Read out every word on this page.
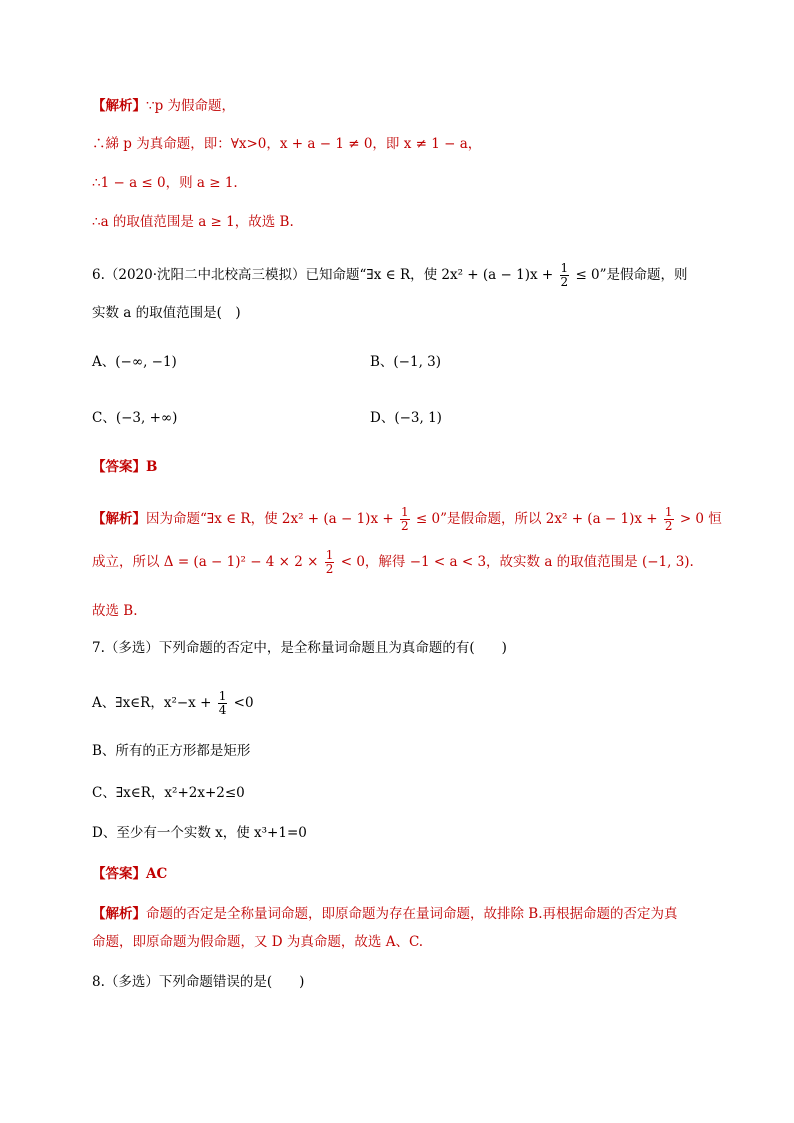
【解析】∵p 为假命题，
∴綈 p 为真命题，即：∀x>0，x + a − 1 ≠ 0，即 x ≠ 1 − a，
∴1 − a ≤ 0，则 a ≥ 1.
∴a 的取值范围是 a ≥ 1，故选 B.
6.（2020·沈阳二中北校高三模拟）已知命题“∃x ∈ R，使 $2x^2 + (a - 1)x + \frac{1}{2} \le 0$”是假命题，则
实数 a 的取值范围是(　)
A、(−∞, −1)	B、(−1, 3)
C、(−3, +∞)	D、(−3, 1)
【答案】B
【解析】因为命题“∃x ∈ R，使 $2x^2 + (a - 1)x + \frac{1}{2} \le 0$”是假命题，所以 $2x^2 + (a - 1)x + \frac{1}{2} > 0$ 恒
成立，所以 $\Delta = (a - 1)^2 - 4 \times 2 \times \frac{1}{2} < 0$，解得 −1 < a < 3，故实数 a 的取值范围是 (−1, 3).
故选 B.
7.（多选）下列命题的否定中，是全称量词命题且为真命题的有(　　)
A、∃x∈R，$x^2-x + \frac{1}{4} <0$
B、所有的正方形都是矩形
C、∃x∈R，x²+2x+2≤0
D、至少有一个实数 x，使 x³+1=0
【答案】AC
【解析】命题的否定是全称量词命题，即原命题为存在量词命题，故排除 B.再根据命题的否定为真
命题，即原命题为假命题，又 D 为真命题，故选 A、C.
8.（多选）下列命题错误的是(　　)
